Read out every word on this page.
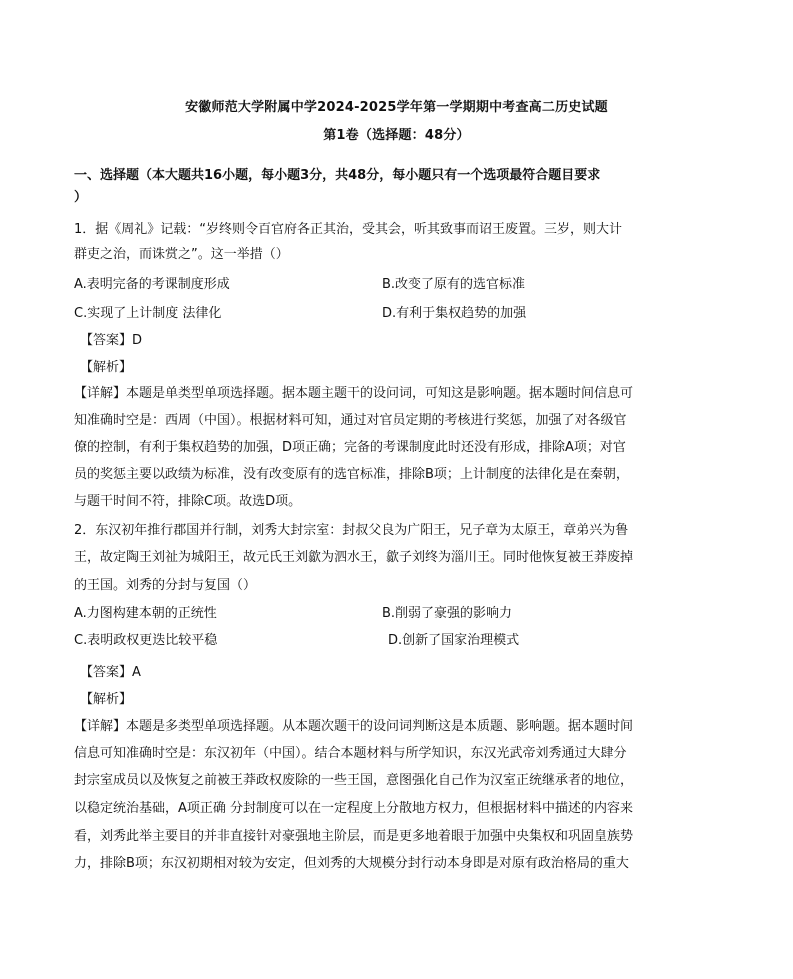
安徽师范大学附属中学2024-2025学年第一学期期中考查高二历史试题
第1卷（选择题：48分）
一、选择题（本大题共16小题，每小题3分，共48分，每小题只有一个选项最符合题目要求
）
1．据《周礼》记载：“岁终则令百官府各正其治，受其会，听其致事而诏王废置。三岁，则大计
群吏之治，而诛赏之”。这一举措（）
A.表明完备的考课制度形成	B.改变了原有的选官标准
C.实现了上计制度 法律化	D.有利于集权趋势的加强
【答案】D
【解析】
【详解】本题是单类型单项选择题。据本题主题干的设问词，可知这是影响题。据本题时间信息可
知准确时空是：西周（中国）。根据材料可知，通过对官员定期的考核进行奖惩，加强了对各级官
僚的控制，有利于集权趋势的加强，D项正确；完备的考课制度此时还没有形成，排除A项；对官
员的奖惩主要以政绩为标准，没有改变原有的选官标准，排除B项；上计制度的法律化是在秦朝，
与题干时间不符，排除C项。故选D项。
2．东汉初年推行郡国并行制，刘秀大封宗室：封叔父良为广阳王，兄子章为太原王，章弟兴为鲁
王，故定陶王刘祉为城阳王，故元氏王刘歙为泗水王，歙子刘终为淄川王。同时他恢复被王莽废掉
的王国。刘秀的分封与复国（）
A.力图构建本朝的正统性	B.削弱了豪强的影响力
C.表明政权更迭比较平稳	D.创新了国家治理模式
【答案】A
【解析】
【详解】本题是多类型单项选择题。从本题次题干的设问词判断这是本质题、影响题。据本题时间
信息可知准确时空是：东汉初年（中国）。结合本题材料与所学知识，东汉光武帝刘秀通过大肆分
封宗室成员以及恢复之前被王莽政权废除的一些王国，意图强化自己作为汉室正统继承者的地位，
以稳定统治基础，A项正确 分封制度可以在一定程度上分散地方权力，但根据材料中描述的内容来
看，刘秀此举主要目的并非直接针对豪强地主阶层，而是更多地着眼于加强中央集权和巩固皇族势
力，排除B项；东汉初期相对较为安定，但刘秀的大规模分封行动本身即是对原有政治格局的重大
